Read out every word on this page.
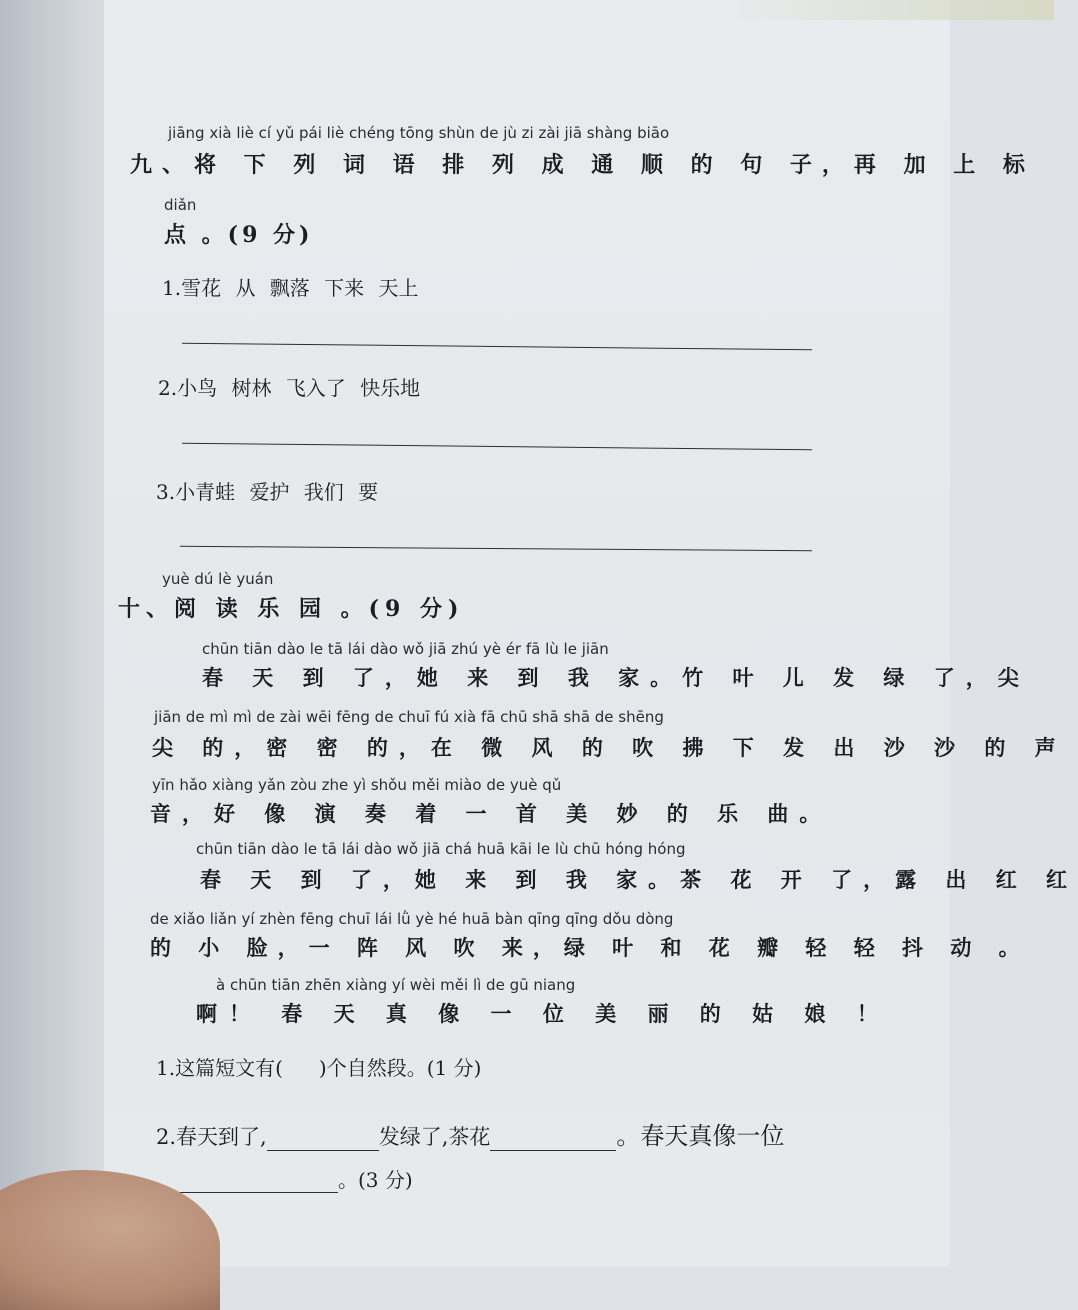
jiāng xià liè cí yǔ pái liè chéng tōng shùn de jù zi zài jiā shàng biāo
九、将 下 列 词 语 排 列 成 通 顺 的 句 子，再 加 上 标
diǎn
点 。(9 分)
1.雪花 从 飘落 下来 天上
2.小鸟 树林 飞入了 快乐地
3.小青蛙 爱护 我们 要
yuè dú lè yuán
十、阅 读 乐 园 。(9 分)
chūn tiān dào le tā lái dào wǒ jiā zhú yè ér fā lù le jiān
春 天 到 了，她 来 到 我 家。竹 叶 儿 发 绿 了，尖
jiān de mì mì de zài wēi fēng de chuī fú xià fā chū shā shā de shēng
尖 的，密 密 的，在 微 风 的 吹 拂 下 发 出 沙 沙 的 声
yīn hǎo xiàng yǎn zòu zhe yì shǒu měi miào de yuè qǔ
音，好 像 演 奏 着 一 首 美 妙 的 乐 曲。
chūn tiān dào le tā lái dào wǒ jiā chá huā kāi le lù chū hóng hóng
春 天 到 了，她 来 到 我 家。茶 花 开 了，露 出 红 红
de xiǎo liǎn yí zhèn fēng chuī lái lǜ yè hé huā bàn qīng qīng dǒu dòng
的 小 脸，一 阵 风 吹 来，绿 叶 和 花 瓣 轻 轻 抖 动 。
à chūn tiān zhēn xiàng yí wèi měi lì de gū niang
啊！ 春 天 真 像 一 位 美 丽 的 姑 娘 ！
1.这篇短文有( )个自然段。(1 分)
2.春天到了,	发绿了,茶花	。春天真像一位
。(3 分)
